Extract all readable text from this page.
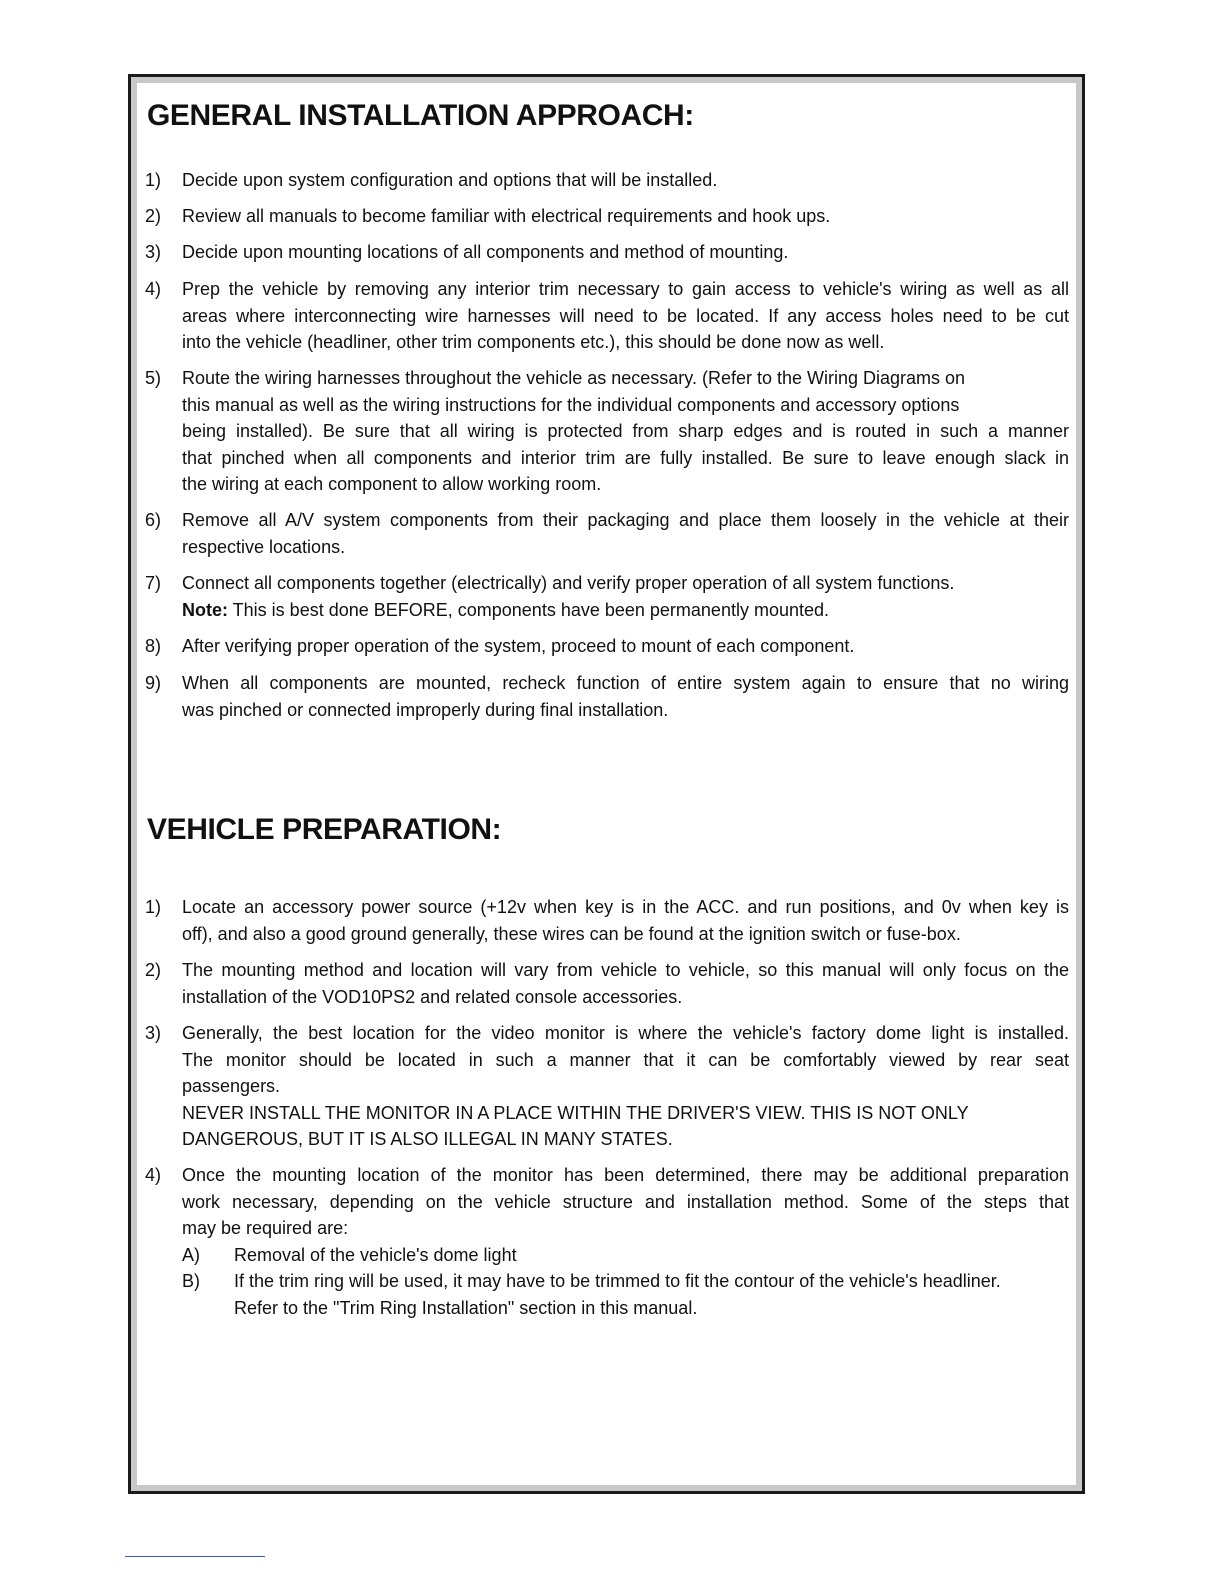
GENERAL INSTALLATION APPROACH:
1)	Decide upon system configuration and options that will be installed.
2)	Review all manuals to become familiar with electrical requirements and hook ups.
3)	Decide upon mounting locations of all components and method of mounting.
4)	Prep the vehicle by removing any interior trim necessary to gain access to vehicle's wiring as well as all
areas where interconnecting wire harnesses will need to be located. If any access holes need to be cut
into the vehicle (headliner, other trim components etc.), this should be done now as well.
5)	Route the wiring harnesses throughout the vehicle as necessary. (Refer to the Wiring Diagrams on
this manual as well as the wiring instructions for the individual components and accessory options
being installed). Be sure that all wiring is protected from sharp edges and is routed in such a manner
that pinched when all components and interior trim are fully installed. Be sure to leave enough slack in
the wiring at each component to allow working room.
6)	Remove all A/V system components from their packaging and place them loosely in the vehicle at their
respective locations.
7)	Connect all components together (electrically) and verify proper operation of all system functions.
Note: This is best done BEFORE, components have been permanently mounted.
8)	After verifying proper operation of the system, proceed to mount of each component.
9)	When all components are mounted, recheck function of entire system again to ensure that no wiring
was pinched or connected improperly during final installation.
VEHICLE PREPARATION:
1)	Locate an accessory power source (+12v when key is in the ACC. and run positions, and 0v when key is
off), and also a good ground generally, these wires can be found at the ignition switch or fuse-box.
2)	The mounting method and location will vary from vehicle to vehicle, so this manual will only focus on the
installation of the VOD10PS2 and related console accessories.
3)	Generally, the best location for the video monitor is where the vehicle's factory dome light is installed.
The monitor should be located in such a manner that it can be comfortably viewed by rear seat
passengers.
NEVER INSTALL THE MONITOR IN A PLACE WITHIN THE DRIVER'S VIEW. THIS IS NOT ONLY
DANGEROUS, BUT IT IS ALSO ILLEGAL IN MANY STATES.
4)	Once the mounting location of the monitor has been determined, there may be additional preparation
work necessary, depending on the vehicle structure and installation method. Some of the steps that
may be required are:
A) Removal of the vehicle's dome light
B) If the trim ring will be used, it may have to be trimmed to fit the contour of the vehicle's headliner.
Refer to the "Trim Ring Installation" section in this manual.
